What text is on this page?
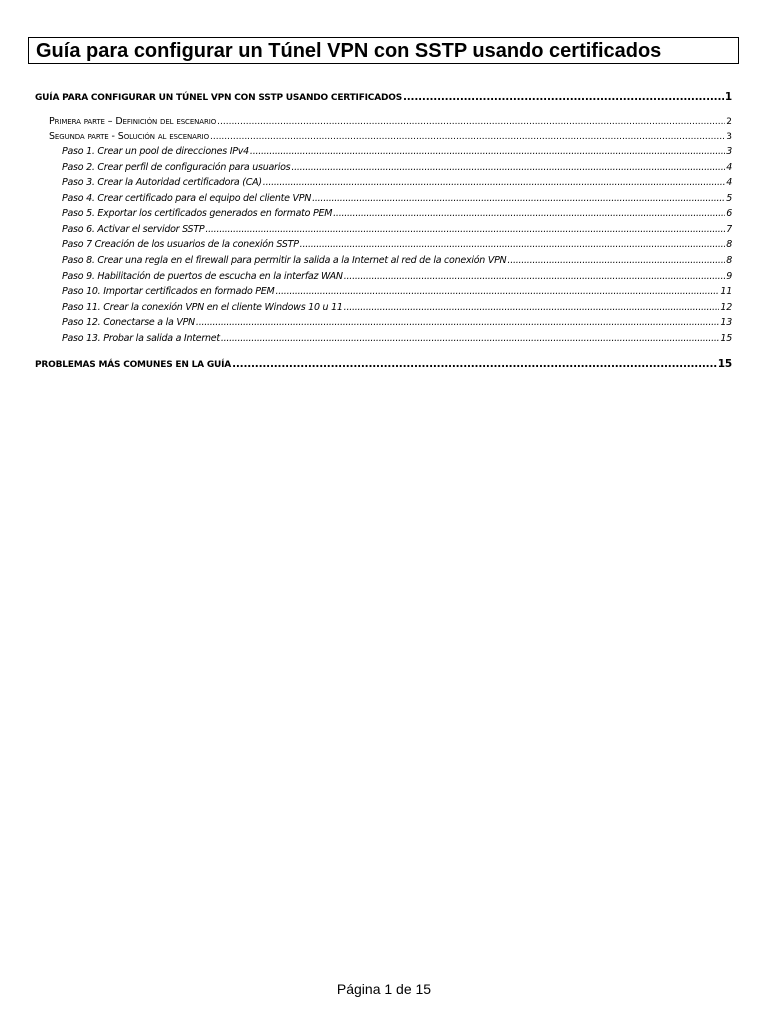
Guía para configurar un Túnel VPN con SSTP usando certificados
GUÍA PARA CONFIGURAR UN TÚNEL VPN CON SSTP USANDO CERTIFICADOS .....	1
Primera parte – Definición del escenario .....	2
Segunda parte - Solución al escenario .....	3
Paso 1. Crear un pool de direcciones IPv4 .....	3
Paso 2. Crear perfil de configuración para usuarios .....	4
Paso 3. Crear la Autoridad certificadora (CA) .....	4
Paso 4. Crear certificado para el equipo del cliente VPN .....	5
Paso 5. Exportar los certificados generados en formato PEM .....	6
Paso 6. Activar el servidor SSTP .....	7
Paso 7 Creación de los usuarios de la conexión SSTP .....	8
Paso 8. Crear una regla en el firewall para permitir la salida a la Internet al red de la conexión VPN .....	8
Paso 9. Habilitación de puertos de escucha en la interfaz WAN .....	9
Paso 10. Importar certificados en formado PEM .....	11
Paso 11. Crear la conexión VPN en el cliente Windows 10 u 11 .....	12
Paso 12. Conectarse a la VPN .....	13
Paso 13. Probar la salida a Internet .....	15
PROBLEMAS MÁS COMUNES EN LA GUÍA .....	15
Página 1 de 15
